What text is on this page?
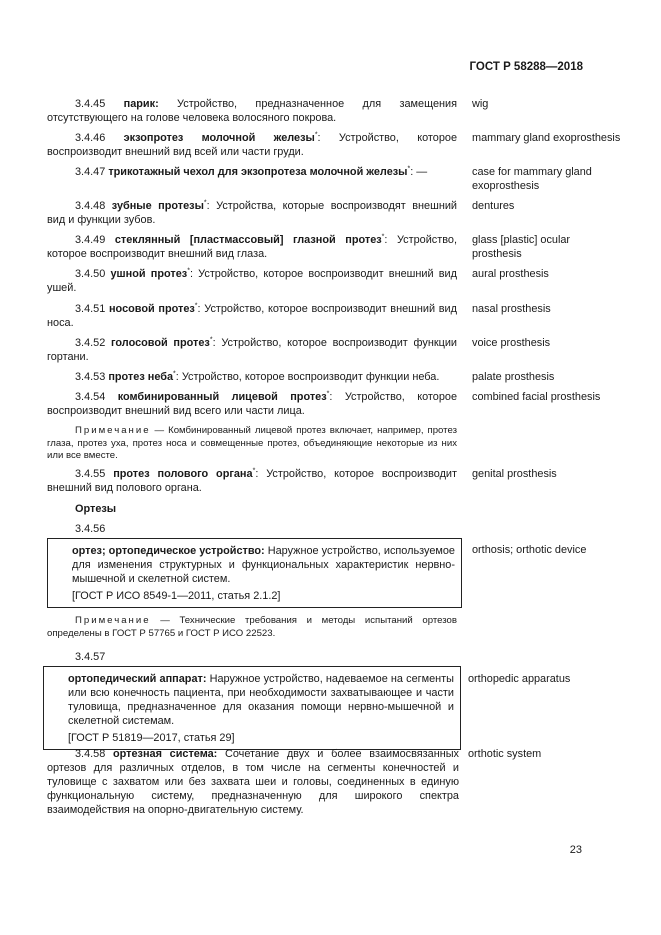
ГОСТ Р 58288—2018
3.4.45 парик: Устройство, предназначенное для замещения отсутствующего на голове человека волосяного покрова.
wig
3.4.46 экзопротез молочной железы*: Устройство, которое воспроизводит внешний вид всей или части груди.
mammary gland exoprosthesis
3.4.47 трикотажный чехол для экзопротеза молочной железы*: —	case for mammary gland exoprosthesis
3.4.48 зубные протезы*: Устройства, которые воспроизводят внешний вид и функции зубов.
dentures
3.4.49 стеклянный [пластмассовый] глазной протез*: Устройство, которое воспроизводит внешний вид глаза.
glass [plastic] ocular prosthesis
3.4.50 ушной протез*: Устройство, которое воспроизводит внешний вид ушей.
aural prosthesis
3.4.51 носовой протез*: Устройство, которое воспроизводит внешний вид носа.
nasal prosthesis
3.4.52 голосовой протез*: Устройство, которое воспроизводит функции гортани.
voice prosthesis
3.4.53 протез неба*: Устройство, которое воспроизводит функции неба.	palate prosthesis
3.4.54 комбинированный лицевой протез*: Устройство, которое воспроизводит внешний вид всего или части лица.
combined facial prosthesis
Примечание — Комбинированный лицевой протез включает, например, протез глаза, протез уха, протез носа и совмещенные протез, объединяющие некоторые из них или все вместе.
3.4.55 протез полового органа*: Устройство, которое воспроизводит внешний вид полового органа.
genital prosthesis
Ортезы
3.4.56
ортез; ортопедическое устройство: Наружное устройство, используемое для изменения структурных и функциональных характеристик нервно-мышечной и скелетной систем.
[ГОСТ Р ИСО 8549-1—2011, статья 2.1.2]
orthosis; orthotic device
Примечание — Технические требования и методы испытаний ортезов определены в ГОСТ Р 57765 и ГОСТ Р ИСО 22523.
3.4.57
ортопедический аппарат: Наружное устройство, надеваемое на сегменты или всю конечность пациента, при необходимости захватывающее и части туловища, предназначенное для оказания помощи нервно-мышечной и скелетной системам.
[ГОСТ Р 51819—2017, статья 29]
orthopedic apparatus
3.4.58 ортезная система: Сочетание двух и более взаимосвязанных ортезов для различных отделов, в том числе на сегменты конечностей и туловище с захватом или без захвата шеи и головы, соединенных в единую функциональную систему, предназначенную для широкого спектра взаимодействия на опорно-двигательную систему.
orthotic system
23
